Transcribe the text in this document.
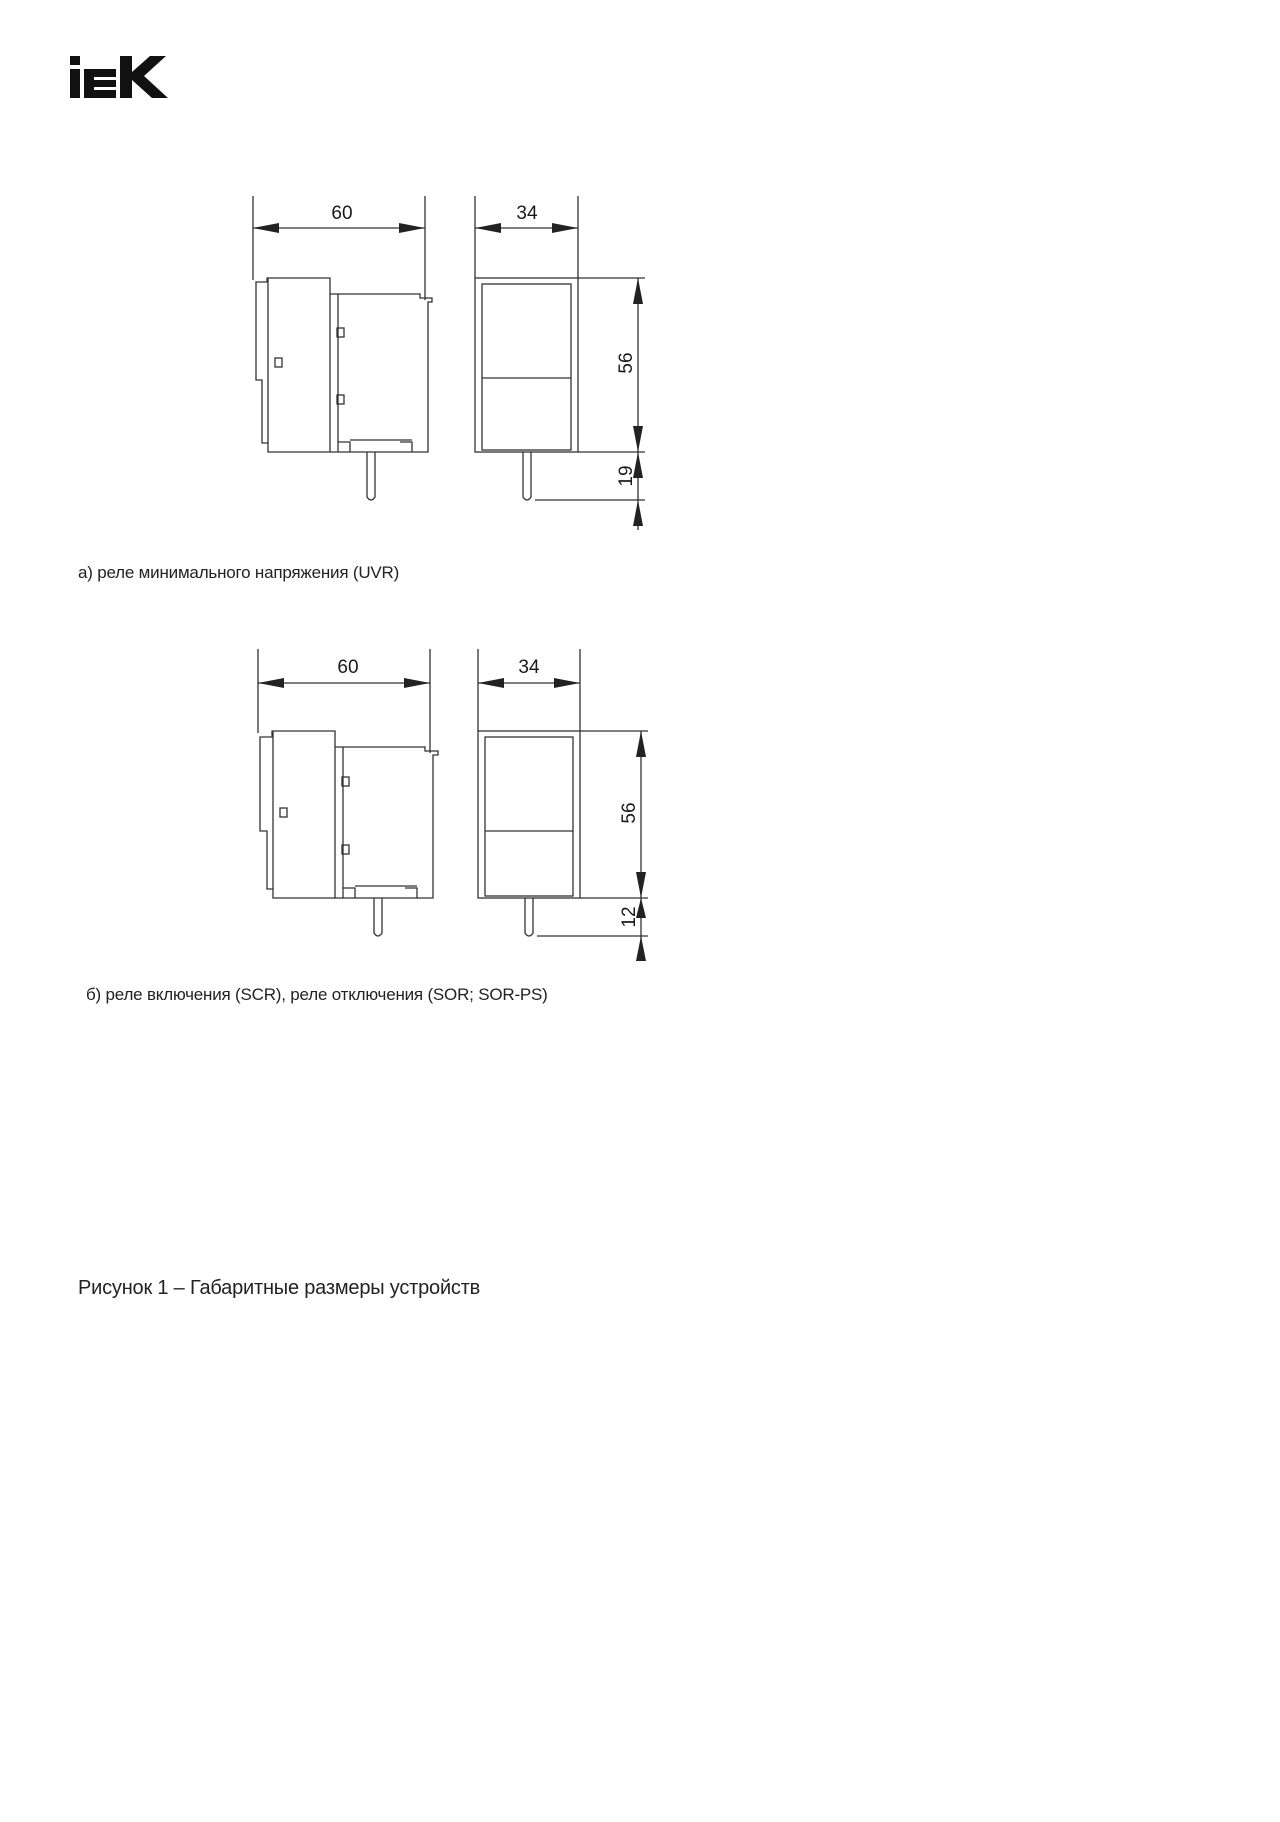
60	34
56
19
а) реле минимального напряжения (UVR)
60	34
56
12
б) реле включения (SCR), реле отключения (SOR; SOR-PS)
Рисунок 1 – Габаритные размеры устройств
